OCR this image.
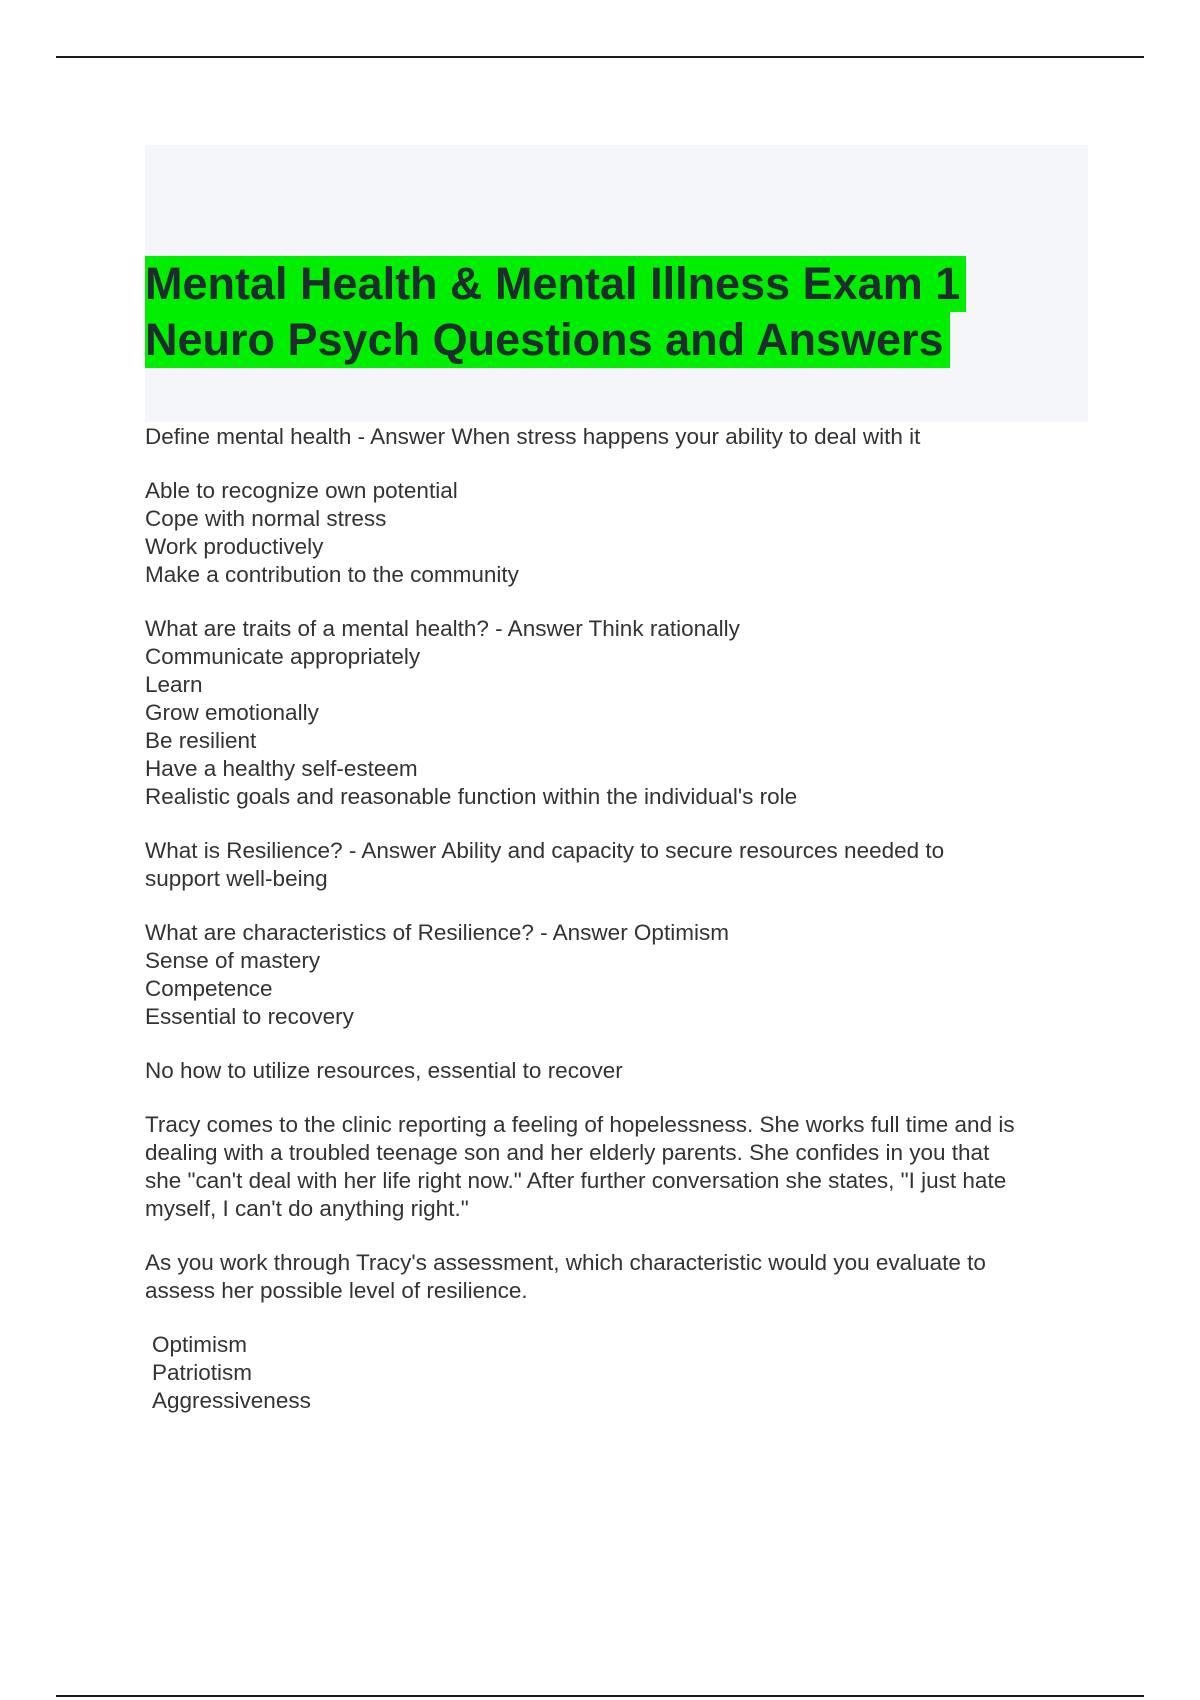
Mental Health & Mental Illness Exam 1
Neuro Psych Questions and Answers

Define mental health - Answer When stress happens your ability to deal with it

Able to recognize own potential
Cope with normal stress
Work productively
Make a contribution to the community

What are traits of a mental health? - Answer Think rationally
Communicate appropriately
Learn
Grow emotionally
Be resilient
Have a healthy self-esteem
Realistic goals and reasonable function within the individual's role

What is Resilience? - Answer Ability and capacity to secure resources needed to
support well-being

What are characteristics of Resilience? - Answer Optimism
Sense of mastery
Competence
Essential to recovery

No how to utilize resources, essential to recover

Tracy comes to the clinic reporting a feeling of hopelessness. She works full time and is
dealing with a troubled teenage son and her elderly parents. She confides in you that
she "can't deal with her life right now." After further conversation she states, "I just hate
myself, I can't do anything right."

As you work through Tracy's assessment, which characteristic would you evaluate to
assess her possible level of resilience.

Optimism
Patriotism
Aggressiveness
